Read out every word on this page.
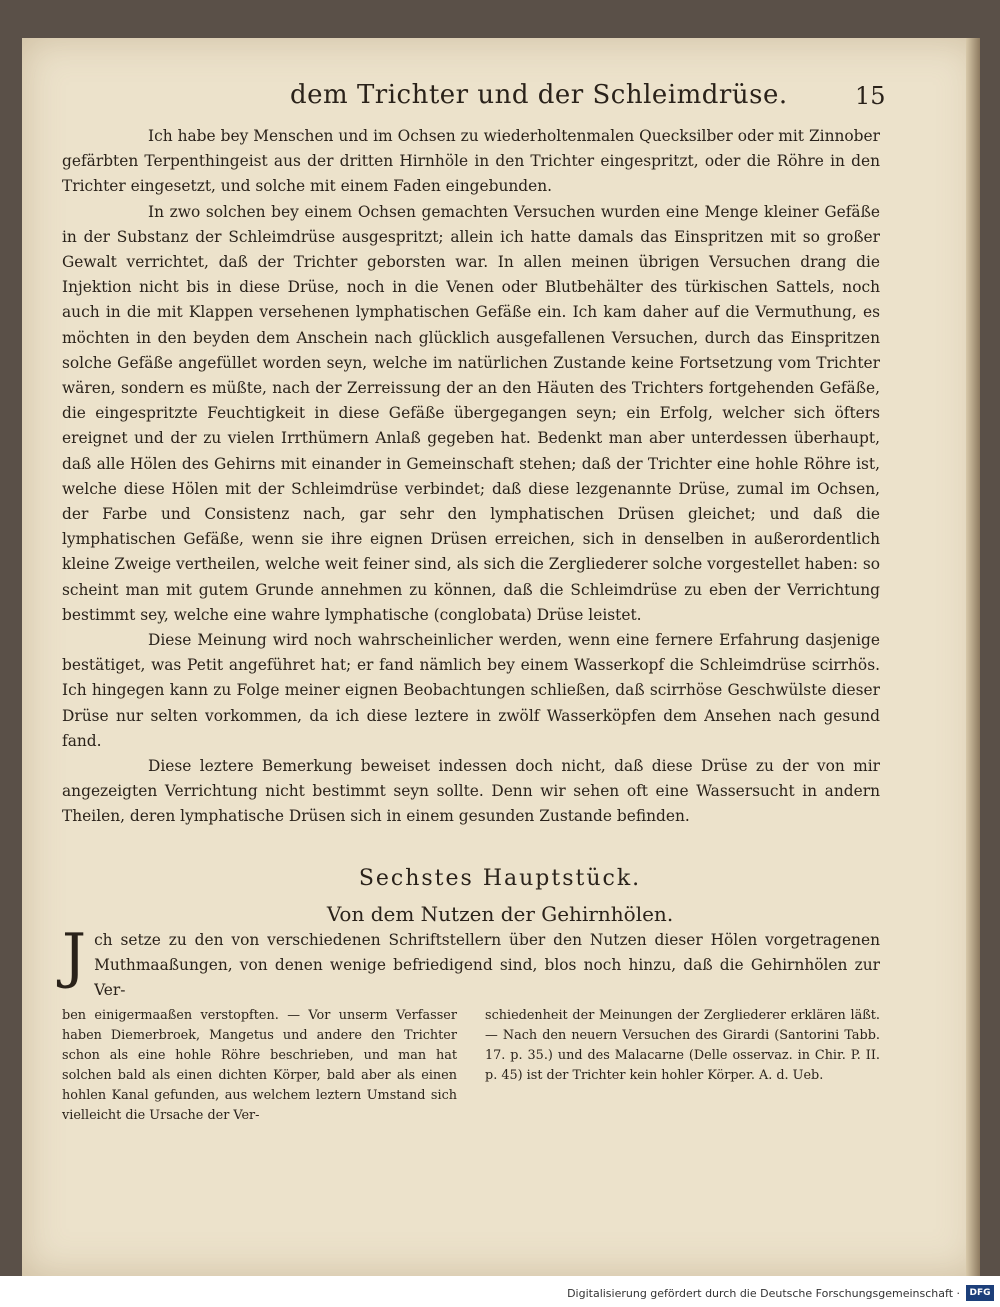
dem Trichter und der Schleimdrüse.	15

Ich habe bey Menschen und im Ochsen zu wiederholtenmalen Quecksilber oder mit Zinnober gefärbten Terpenthingeist aus der dritten Hirnhöle in den Trichter eingespritzt, oder die Röhre in den Trichter eingesetzt, und solche mit einem Faden eingebunden.

In zwo solchen bey einem Ochsen gemachten Versuchen wurden eine Menge kleiner Gefäße in der Substanz der Schleimdrüse ausgespritzt; allein ich hatte damals das Einspritzen mit so großer Gewalt verrichtet, daß der Trichter geborsten war. In allen meinen übrigen Versuchen drang die Injektion nicht bis in diese Drüse, noch in die Venen oder Blutbehälter des türkischen Sattels, noch auch in die mit Klappen versehenen lymphatischen Gefäße ein. Ich kam daher auf die Vermuthung, es möchten in den beyden dem Anschein nach glücklich ausgefallenen Versuchen, durch das Einspritzen solche Gefäße angefüllet worden seyn, welche im natürlichen Zustande keine Fortsetzung vom Trichter wären, sondern es müßte, nach der Zerreissung der an den Häuten des Trichters fortgehenden Gefäße, die eingespritzte Feuchtigkeit in diese Gefäße übergegangen seyn; ein Erfolg, welcher sich öfters ereignet und der zu vielen Irrthümern Anlaß gegeben hat. Bedenkt man aber unterdessen überhaupt, daß alle Hölen des Gehirns mit einander in Gemeinschaft stehen; daß der Trichter eine hohle Röhre ist, welche diese Hölen mit der Schleimdrüse verbindet; daß diese lezgenannte Drüse, zumal im Ochsen, der Farbe und Consistenz nach, gar sehr den lymphatischen Drüsen gleichet; und daß die lymphatischen Gefäße, wenn sie ihre eignen Drüsen erreichen, sich in denselben in außerordentlich kleine Zweige vertheilen, welche weit feiner sind, als sich die Zergliederer solche vorgestellet haben: so scheint man mit gutem Grunde annehmen zu können, daß die Schleimdrüse zu eben der Verrichtung bestimmt sey, welche eine wahre lymphatische (conglobata) Drüse leistet.

Diese Meinung wird noch wahrscheinlicher werden, wenn eine fernere Erfahrung dasjenige bestätiget, was Petit angeführet hat; er fand nämlich bey einem Wasserkopf die Schleimdrüse scirrhös. Ich hingegen kann zu Folge meiner eignen Beobachtungen schließen, daß scirrhöse Geschwülste dieser Drüse nur selten vorkommen, da ich diese leztere in zwölf Wasserköpfen dem Ansehen nach gesund fand.

Diese leztere Bemerkung beweiset indessen doch nicht, daß diese Drüse zu der von mir angezeigten Verrichtung nicht bestimmt seyn sollte. Denn wir sehen oft eine Wassersucht in andern Theilen, deren lymphatische Drüsen sich in einem gesunden Zustande befinden.

Sechstes Hauptstück.
Von dem Nutzen der Gehirnhölen.
J ch setze zu den von verschiedenen Schriftstellern über den Nutzen dieser Hölen vorgetragenen Muthmaaßungen, von denen wenige befriedigend sind, blos noch hinzu, daß die Gehirnhölen zur Ver-
ben einigermaaßen verstopften. — Vor unserm Verfasser haben Diemerbroek, Mangetus und andere den Trichter schon als eine hohle Röhre beschrieben, und man hat solchen bald als einen dichten Körper, bald aber als einen hohlen Kanal gefunden, aus welchem leztern Umstand sich vielleicht die Ursache der Ver-
schiedenheit der Meinungen der Zergliederer erklären läßt. — Nach den neuern Versuchen des Girardi (Santorini Tabb. 17. p. 35.) und des Malacarne (Delle osservaz. in Chir. P. II. p. 45) ist der Trichter kein hohler Körper. A. d. Ueb.
Digitalisierung gefördert durch die Deutsche Forschungsgemeinschaft ·	DFG
